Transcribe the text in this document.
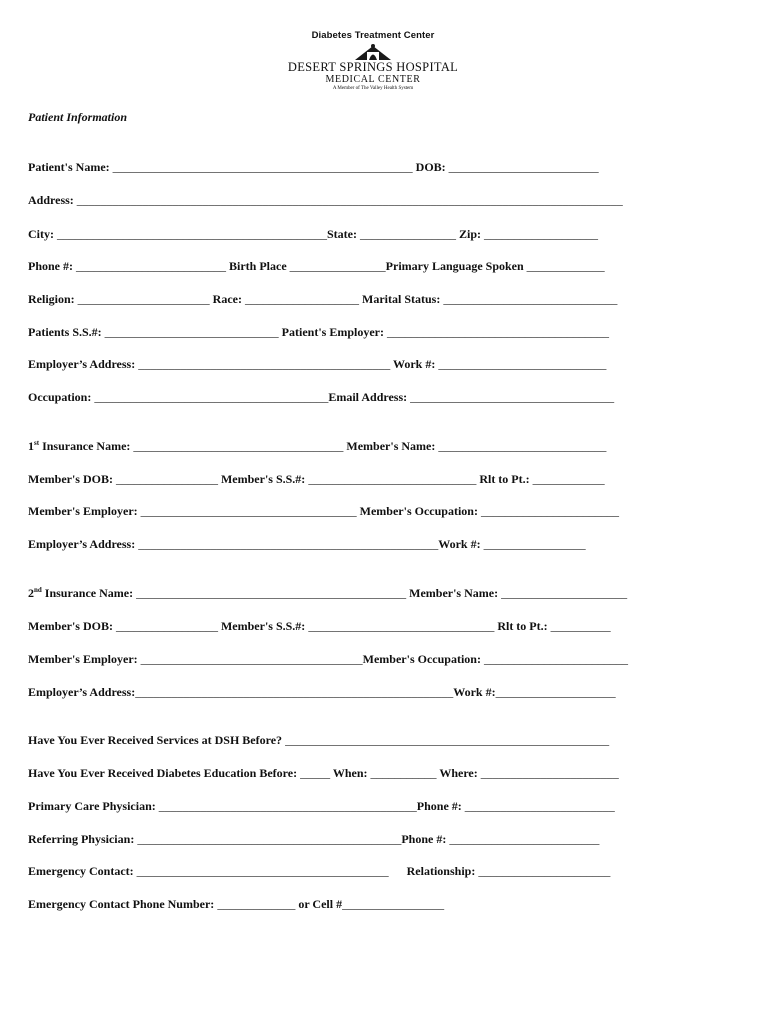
Diabetes Treatment Center
DESERT SPRINGS HOSPITAL
MEDICAL CENTER
A Member of The Valley Health System
Patient Information
Patient's Name: __________________________________________________ DOB: _________________________
Address: ___________________________________________________________________________________________
City: _____________________________________________State: ________________ Zip: ___________________
Phone #: _________________________ Birth Place ________________Primary Language Spoken _____________
Religion: ______________________ Race: ___________________ Marital Status: _____________________________
Patients S.S.#: _____________________________ Patient's Employer: _____________________________________
Employer’s Address: __________________________________________ Work #: ____________________________
Occupation: _______________________________________Email Address: __________________________________
1st Insurance Name: ___________________________________ Member's Name: ____________________________
Member's DOB: _________________ Member's S.S.#: ____________________________ Rlt to Pt.: ____________
Member's Employer: ____________________________________ Member's Occupation: _______________________
Employer’s Address: __________________________________________________Work #: _________________
2nd Insurance Name: _____________________________________________ Member's Name: _____________________
Member's DOB: _________________ Member's S.S.#: _______________________________ Rlt to Pt.: __________
Member's Employer: _____________________________________Member's Occupation: ________________________
Employer’s Address:_____________________________________________________Work #:____________________
Have You Ever Received Services at DSH Before? ______________________________________________________
Have You Ever Received Diabetes Education Before: _____ When: ___________ Where: _______________________
Primary Care Physician: ___________________________________________Phone #: _________________________
Referring Physician: ____________________________________________Phone #: _________________________
Emergency Contact: __________________________________________      Relationship: ______________________
Emergency Contact Phone Number: _____________ or Cell #_________________
